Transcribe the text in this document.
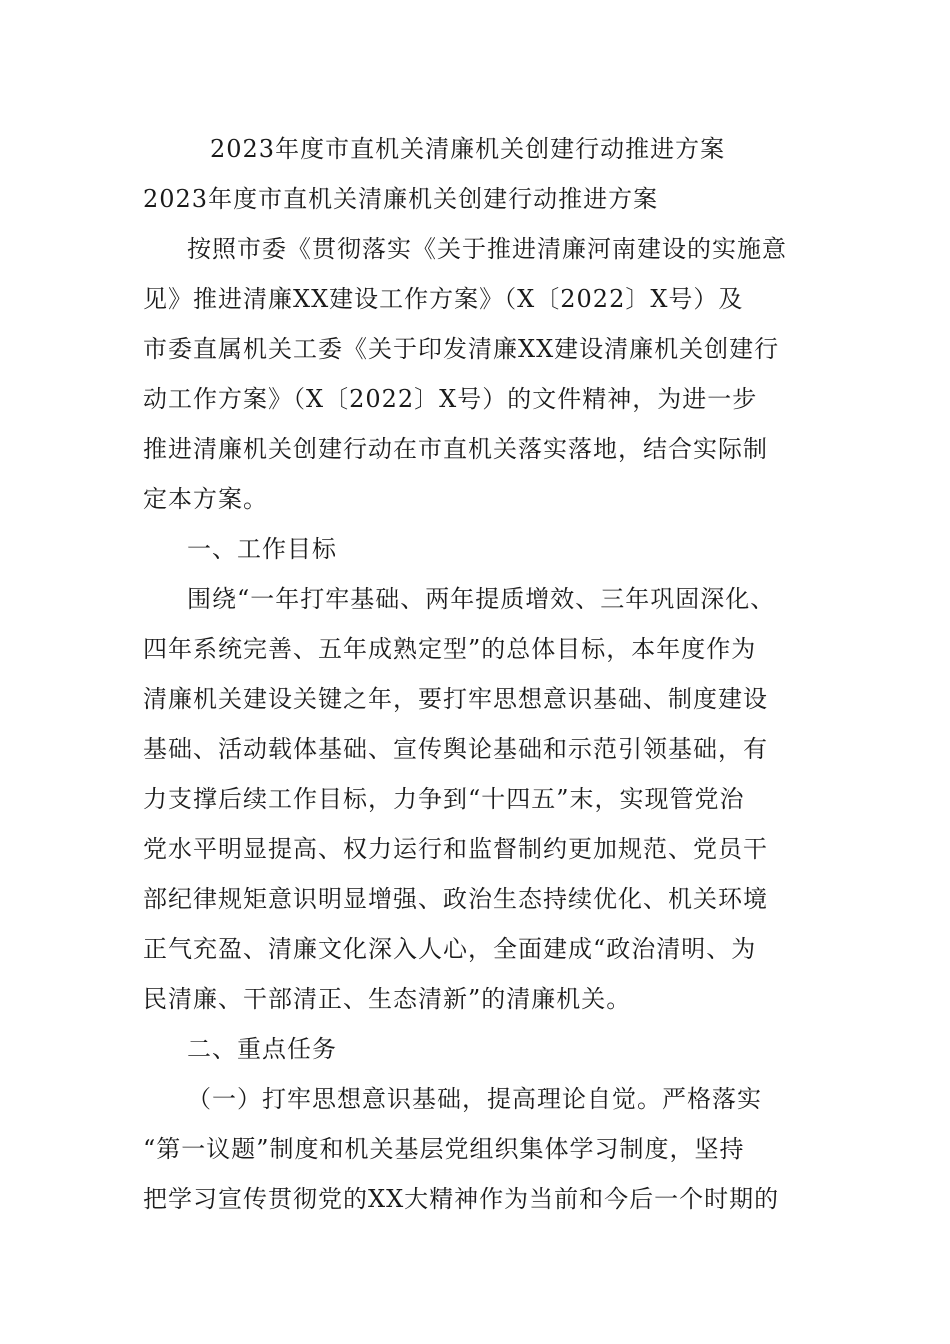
2023年度市直机关清廉机关创建行动推进方案
2023年度市直机关清廉机关创建行动推进方案
按照市委《贯彻落实《关于推进清廉河南建设的实施意
见》推进清廉XX建设工作方案》（X〔2022〕X号）及
市委直属机关工委《关于印发清廉XX建设清廉机关创建行
动工作方案》（X〔2022〕X号）的文件精神，为进一步
推进清廉机关创建行动在市直机关落实落地，结合实际制
定本方案。
一、工作目标
围绕“一年打牢基础、两年提质增效、三年巩固深化、
四年系统完善、五年成熟定型”的总体目标，本年度作为
清廉机关建设关键之年，要打牢思想意识基础、制度建设
基础、活动载体基础、宣传舆论基础和示范引领基础，有
力支撑后续工作目标，力争到“十四五”末，实现管党治
党水平明显提高、权力运行和监督制约更加规范、党员干
部纪律规矩意识明显增强、政治生态持续优化、机关环境
正气充盈、清廉文化深入人心，全面建成“政治清明、为
民清廉、干部清正、生态清新”的清廉机关。
二、重点任务
（一）打牢思想意识基础，提高理论自觉。严格落实
“第一议题”制度和机关基层党组织集体学习制度，坚持
把学习宣传贯彻党的XX大精神作为当前和今后一个时期的
